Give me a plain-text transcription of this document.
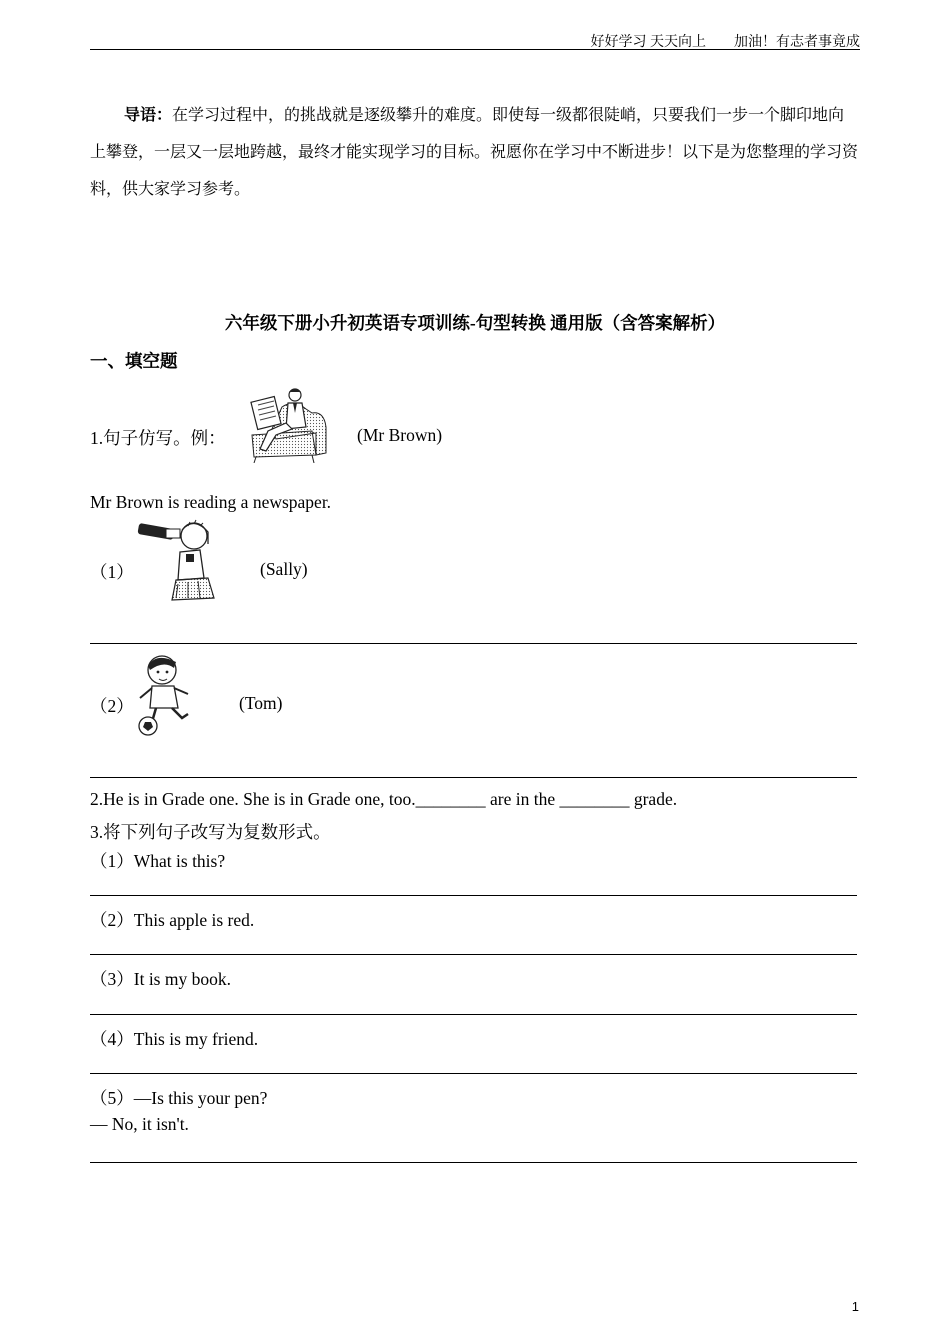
好好学习 天天向上 加油！有志者事竟成

导语：在学习过程中，的挑战就是逐级攀升的难度。即使每一级都很陡峭，只要我们一步一个脚印地向上攀登，一层又一层地跨越，最终才能实现学习的目标。祝愿你在学习中不断进步！以下是为您整理的学习资料，供大家学习参考。

六年级下册小升初英语专项训练-句型转换 通用版（含答案解析）
一、填空题
1.句子仿写。例：	(Mr Brown)
Mr Brown is reading a newspaper.
（1）	(Sally)
（2）	(Tom)
2.He is in Grade one. She is in Grade one, too.________ are in the ________ grade.
3.将下列句子改写为复数形式。
（1）What is this?
（2）This apple is red.
（3）It is my book.
（4）This is my friend.
（5）—Is this your pen?
— No, it isn't.
1
